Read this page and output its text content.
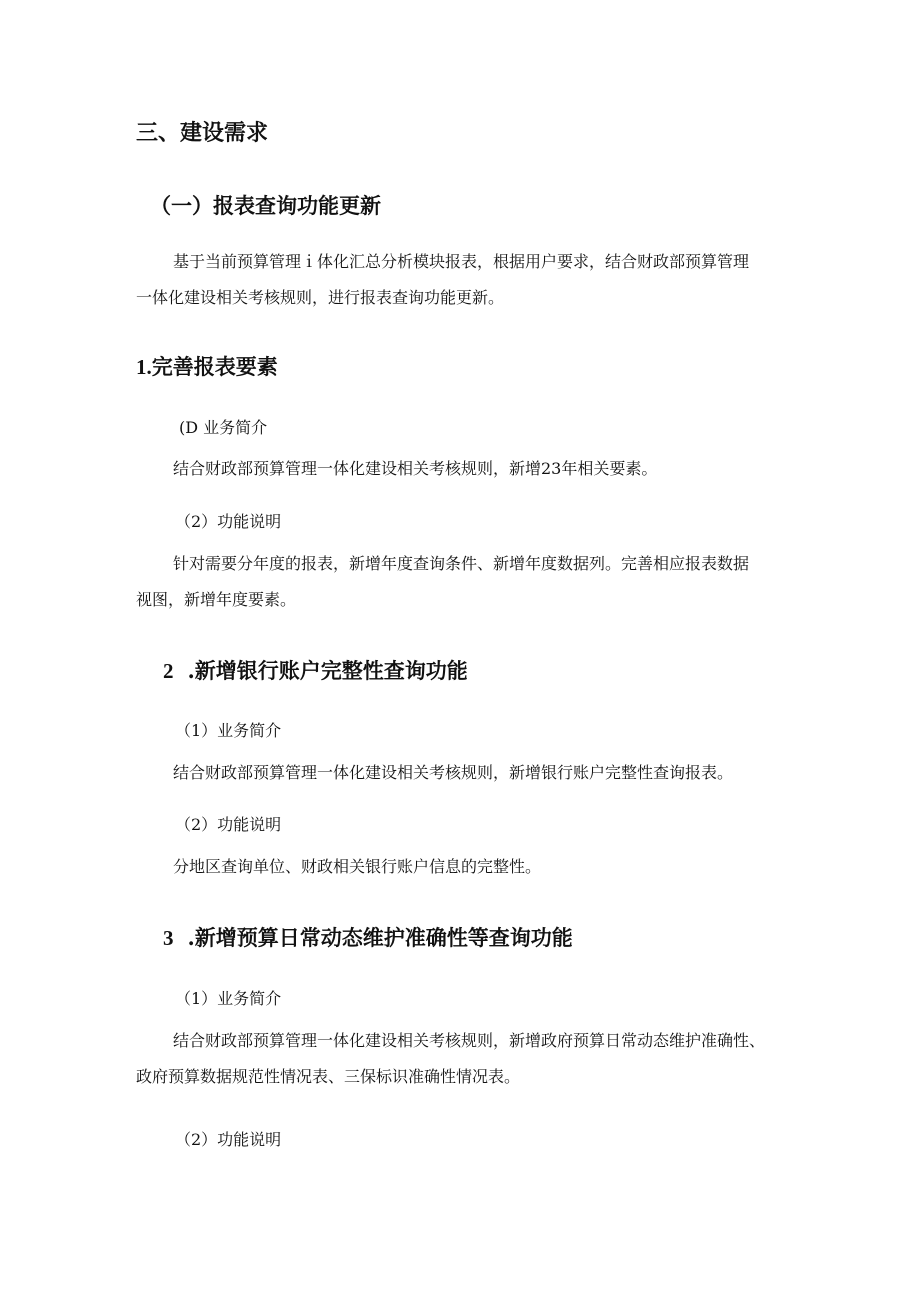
三、建设需求
（一）报表查询功能更新
基于当前预算管理ｉ体化汇总分析模块报表，根据用户要求，结合财政部预算管理
一体化建设相关考核规则，进行报表查询功能更新。
1.完善报表要素
(D 业务简介
结合财政部预算管理一体化建设相关考核规则，新增23年相关要素。
（2）功能说明
针对需要分年度的报表，新增年度查询条件、新增年度数据列。完善相应报表数据
视图，新增年度要素。
2 .新增银行账户完整性查询功能
（1）业务简介
结合财政部预算管理一体化建设相关考核规则，新增银行账户完整性查询报表。
（2）功能说明
分地区查询单位、财政相关银行账户信息的完整性。
3 .新增预算日常动态维护准确性等查询功能
（1）业务简介
结合财政部预算管理一体化建设相关考核规则，新增政府预算日常动态维护准确性、
政府预算数据规范性情况表、三保标识准确性情况表。
（2）功能说明
